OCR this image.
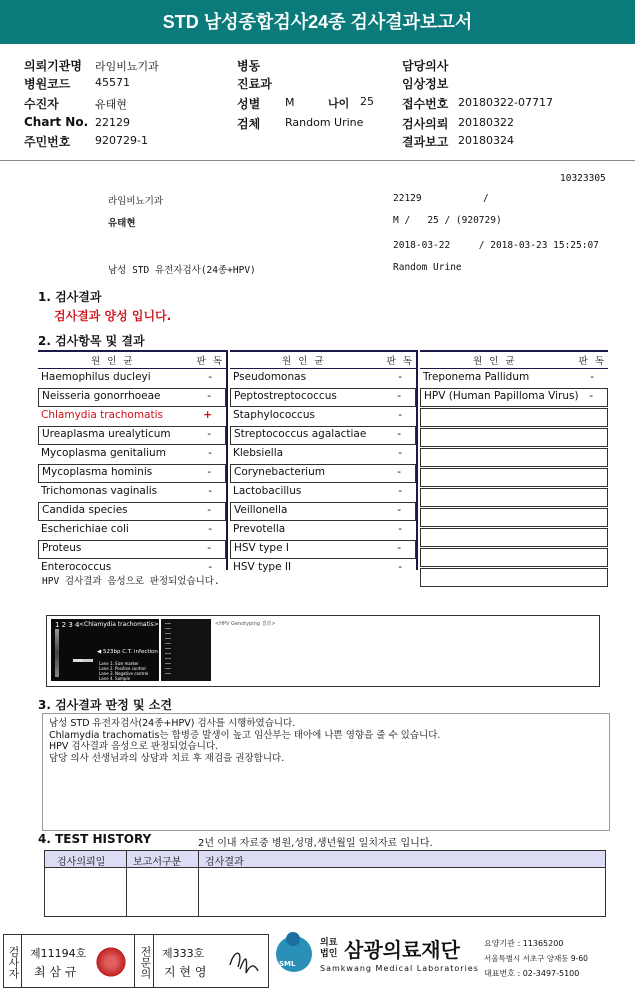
STD 남성종합검사24종 검사결과보고서
의뢰기관명 라임비뇨기과
병원코드 45571
수진자	유태현
Chart No. 22129
주민번호 920729-1
병동
진료과
성별 M
검체 Random Urine
담당의사
임상정보
접수번호 20180322-07717
검사의뢰 20180322
결과보고 20180324
나이 25
10323305
라임비뇨기과	22129	/
유태현	M /   25 / (920729)
2018-03-22     / 2018-03-23 15:25:07
남성 STD 유전자검사(24종+HPV)	Random Urine
1. 검사결과
검사결과 양성 입니다.
2. 검사항목 및 결과
원 인 균	판 독
Haemophilus ducleyi	-
Neisseria gonorrhoeae	-
Chlamydia trachomatis	+
Ureaplasma urealyticum	-
Mycoplasma genitalium	-
Mycoplasma hominis	-
Trichomonas vaginalis	-
Candida species	-
Escherichiae coli	-
Proteus	-
Enterococcus	-
원 인 균	판 독
Pseudomonas	-
Peptostreptococcus	-
Staphylococcus	-
Streptococcus agalactiae	-
Klebsiella	-
Corynebacterium	-
Lactobacillus	-
Veillonella	-
Prevotella	-
HSV type I	-
HSV type II	-
원 인 균	판 독
Treponema Pallidum	-
HPV (Human Papilloma Virus) -
HPV 검사결과 음성으로 판정되었습니다.
1 2 3 4 <Chlamydia trachomatis>
◀ 523bp C.T. infection
Lane 1. Size marker
Lane 2. Positive control
Lane 3. Negative control
Lane 4. Sample
<HPV Genotyping 결과>
3. 검사결과 판정 및 소견
남성 STD 유전자검사(24종+HPV) 검사를 시행하였습니다.
Chlamydia trachomatis는 합병증 발생이 높고 임산부는 태아에 나쁜 영향을 줄 수 있습니다.
HPV 검사결과 음성으로 판정되었습니다.
담당 의사 선생님과의 상담과 치료 후 재검을 권장합니다.
4. TEST HISTORY	2년 이내 자료중 병원,성명,생년월일 일치자료 입니다.
검사의뢰일	보고서구분 검사결과
검사자 제11194호
최 삼 규	전문의 제333호
지 현 영
SML
의료법인 삼광의료재단
Samkwang Medical Laboratories
요양기관 : 11365200
서울특별시 서초구 양재동 9-60
대표번호 : 02-3497-5100
